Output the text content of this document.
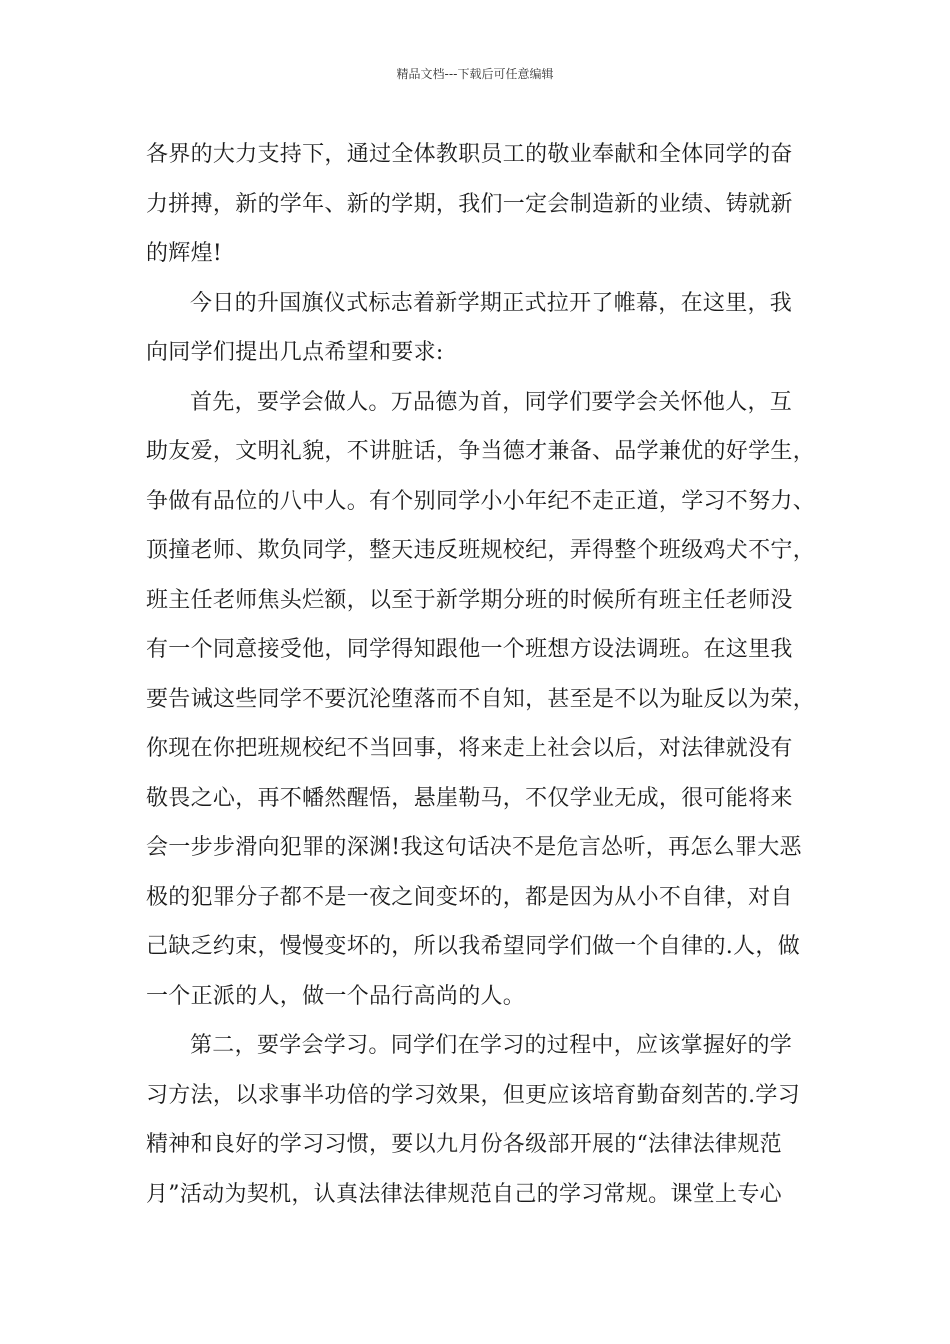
精品文档---下载后可任意编辑
各界的大力支持下，通过全体教职员工的敬业奉献和全体同学的奋
力拼搏，新的学年、新的学期，我们一定会制造新的业绩、铸就新
的辉煌!
今日的升国旗仪式标志着新学期正式拉开了帷幕，在这里，我
向同学们提出几点希望和要求:
首先，要学会做人。万品德为首，同学们要学会关怀他人，互
助友爱，文明礼貌，不讲脏话，争当德才兼备、品学兼优的好学生，
争做有品位的八中人。有个别同学小小年纪不走正道，学习不努力、
顶撞老师、欺负同学，整天违反班规校纪，弄得整个班级鸡犬不宁，
班主任老师焦头烂额，以至于新学期分班的时候所有班主任老师没
有一个同意接受他，同学得知跟他一个班想方设法调班。在这里我
要告诫这些同学不要沉沦堕落而不自知，甚至是不以为耻反以为荣，
你现在你把班规校纪不当回事，将来走上社会以后，对法律就没有
敬畏之心，再不幡然醒悟，悬崖勒马，不仅学业无成，很可能将来
会一步步滑向犯罪的深渊!我这句话决不是危言怂听，再怎么罪大恶
极的犯罪分子都不是一夜之间变坏的，都是因为从小不自律，对自
己缺乏约束，慢慢变坏的，所以我希望同学们做一个自律的.人，做
一个正派的人，做一个品行高尚的人。
第二，要学会学习。同学们在学习的过程中，应该掌握好的学
习方法，以求事半功倍的学习效果，但更应该培育勤奋刻苦的.学习
精神和良好的学习习惯，要以九月份各级部开展的“法律法律规范
月”活动为契机，认真法律法律规范自己的学习常规。课堂上专心
